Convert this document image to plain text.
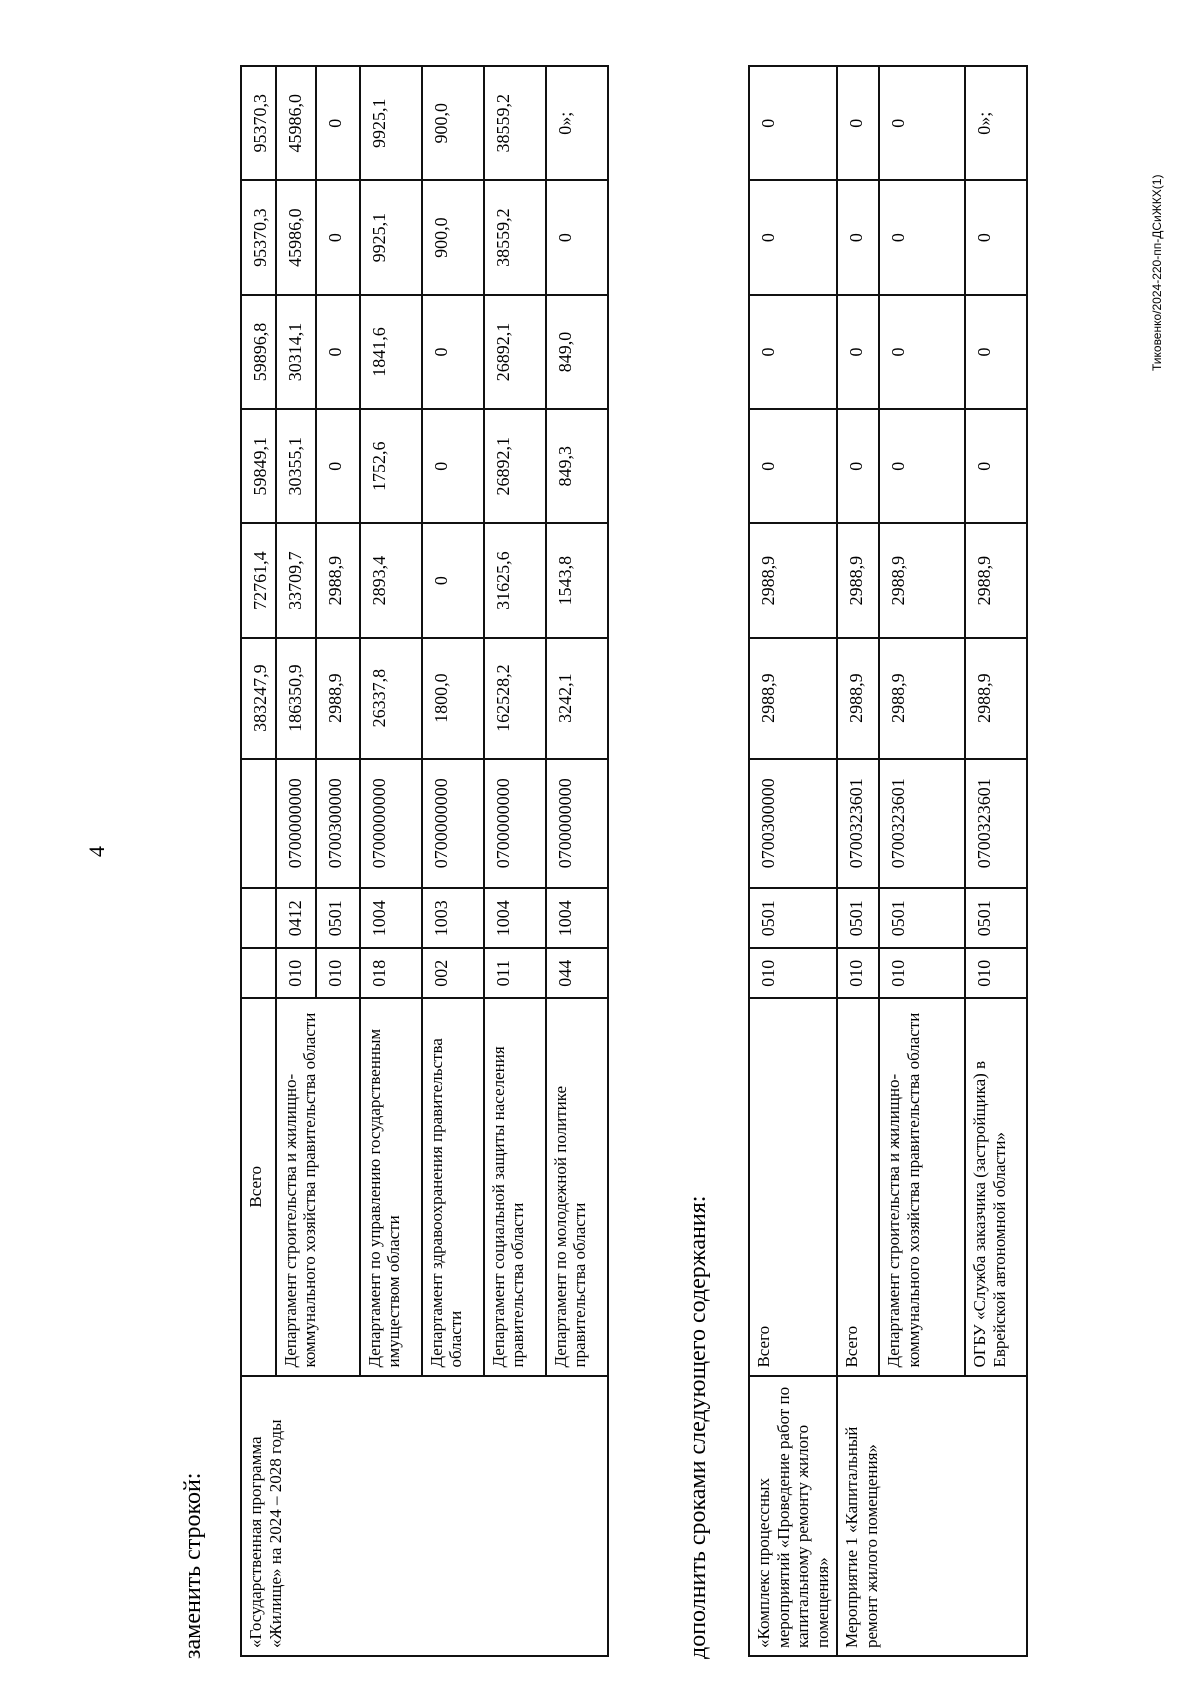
4
заменить строкой: «Государственная программа «Жилище» на 2024 – 2028 годы	Всего				383247,9	72761,4	59849,1	59896,8	95370,3	95370,3
	Департамент строительства и жилищно-коммунального хозяйства правительства области	010	0412	0700000000	186350,9	33709,7	30355,1	30314,1	45986,0	45986,0
		010	0501	0700300000	2988,9	2988,9	0	0	0	0
	Департамент по управлению государственным имуществом области	018	1004	0700000000	26337,8	2893,4	1752,6	1841,6	9925,1	9925,1
	Департамент здравоохранения правительства области	002	1003	0700000000	1800,0	0	0	0	900,0	900,0
	Департамент социальной защиты населения правительства области	011	1004	0700000000	162528,2	31625,6	26892,1	26892,1	38559,2	38559,2
	Департамент по молодежной политике правительства области	044	1004	0700000000	3242,1	1543,8	849,3	849,0	0	0»;
дополнить сроками следующего содержания:	«Комплекс процессных мероприятий «Проведение работ по капитальному ремонту жилого помещения»	Всего	010	0501	0700300000	2988,9	2988,9	0	0	0	0
Мероприятие 1 «Капитальный ремонт жилого помещения»	Всего	010	0501	0700323601	2988,9	2988,9	0	0	0	0
	Департамент строительства и жилищно-коммунального хозяйства правительства области	010	0501	0700323601	2988,9	2988,9	0	0	0	0
	ОГБУ «Служба заказчика (застройщика) в Еврейской автономной области»	010	0501	0700323601	2988,9	2988,9	0	0	0	0»;
Тиковенко/2024-220-пп-ДСиЖКХ(1)
